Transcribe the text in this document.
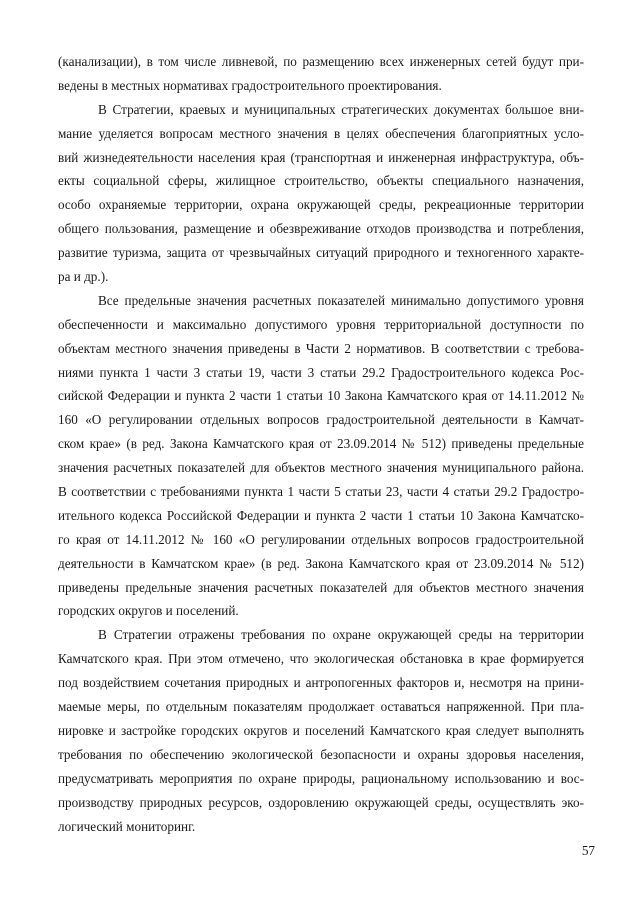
(канализации), в том числе ливневой, по размещению всех инженерных сетей будут при-
ведены в местных нормативах градостроительного проектирования.
В Стратегии, краевых и муниципальных стратегических документах большое вни-
мание уделяется вопросам местного значения в целях обеспечения благоприятных усло-
вий жизнедеятельности населения края (транспортная и инженерная инфраструктура, объ-
екты социальной сферы, жилищное строительство, объекты специального назначения,
особо охраняемые территории, охрана окружающей среды, рекреационные территории
общего пользования, размещение и обезвреживание отходов производства и потребления,
развитие туризма, защита от чрезвычайных ситуаций природного и техногенного характе-
ра и др.).
Все предельные значения расчетных показателей минимально допустимого уровня
обеспеченности и максимально допустимого уровня территориальной доступности по
объектам местного значения приведены в Части 2 нормативов. В соответствии с требова-
ниями пункта 1 части 3 статьи 19, части 3 статьи 29.2 Градостроительного кодекса Рос-
сийской Федерации и пункта 2 части 1 статьи 10 Закона Камчатского края от 14.11.2012 №
160 «О регулировании отдельных вопросов градостроительной деятельности в Камчат-
ском крае» (в ред. Закона Камчатского края от 23.09.2014 № 512) приведены предельные
значения расчетных показателей для объектов местного значения муниципального района.
В соответствии с требованиями пункта 1 части 5 статьи 23, части 4 статьи 29.2 Градостро-
ительного кодекса Российской Федерации и пункта 2 части 1 статьи 10 Закона Камчатско-
го края от 14.11.2012 № 160 «О регулировании отдельных вопросов градостроительной
деятельности в Камчатском крае» (в ред. Закона Камчатского края от 23.09.2014 № 512)
приведены предельные значения расчетных показателей для объектов местного значения
городских округов и поселений.
В Стратегии отражены требования по охране окружающей среды на территории
Камчатского края. При этом отмечено, что экологическая обстановка в крае формируется
под воздействием сочетания природных и антропогенных факторов и, несмотря на прини-
маемые меры, по отдельным показателям продолжает оставаться напряженной. При пла-
нировке и застройке городских округов и поселений Камчатского края следует выполнять
требования по обеспечению экологической безопасности и охраны здоровья населения,
предусматривать мероприятия по охране природы, рациональному использованию и вос-
производству природных ресурсов, оздоровлению окружающей среды, осуществлять эко-
логический мониторинг.
57
